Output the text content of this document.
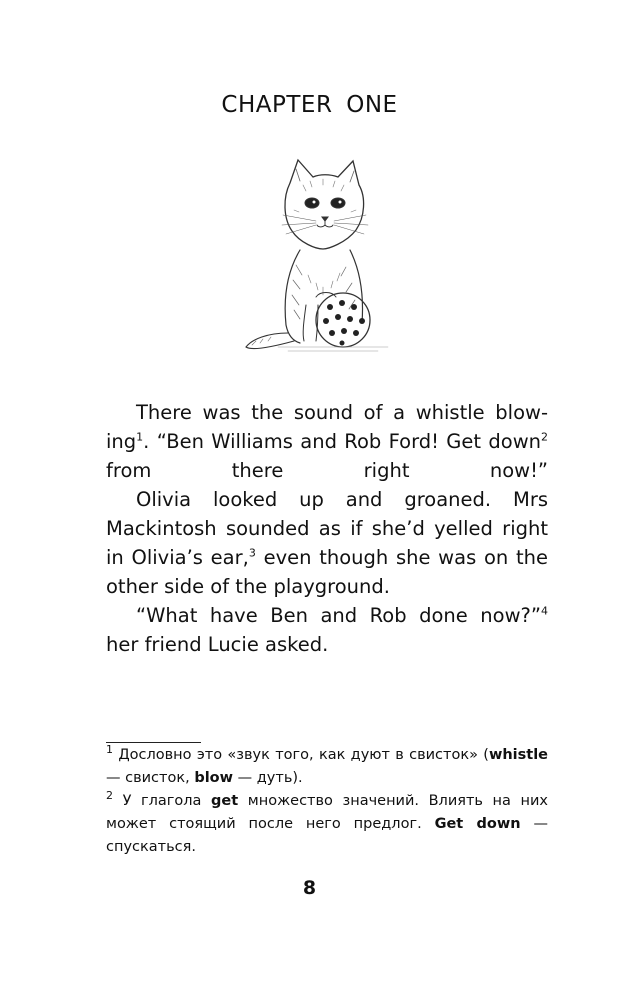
CHAPTER ONE

There was the sound of a whistle blow-ing$^1$. “Ben Williams and Rob Ford! Get down$^2$ from there right now!”

Olivia looked up and groaned. Mrs Mackintosh sounded as if she’d yelled right in Olivia’s ear,$^3$ even though she was on the other side of the playground.

“What have Ben and Rob done now?”$^4$ her friend Lucie asked.

$^1$ Дословно это «звук того, как дуют в свисток» (whistle — свисток, blow — дуть).

$^2$ У глагола get множество значений. Влиять на них может стоящий после него предлог. Get down — спускаться.

8
